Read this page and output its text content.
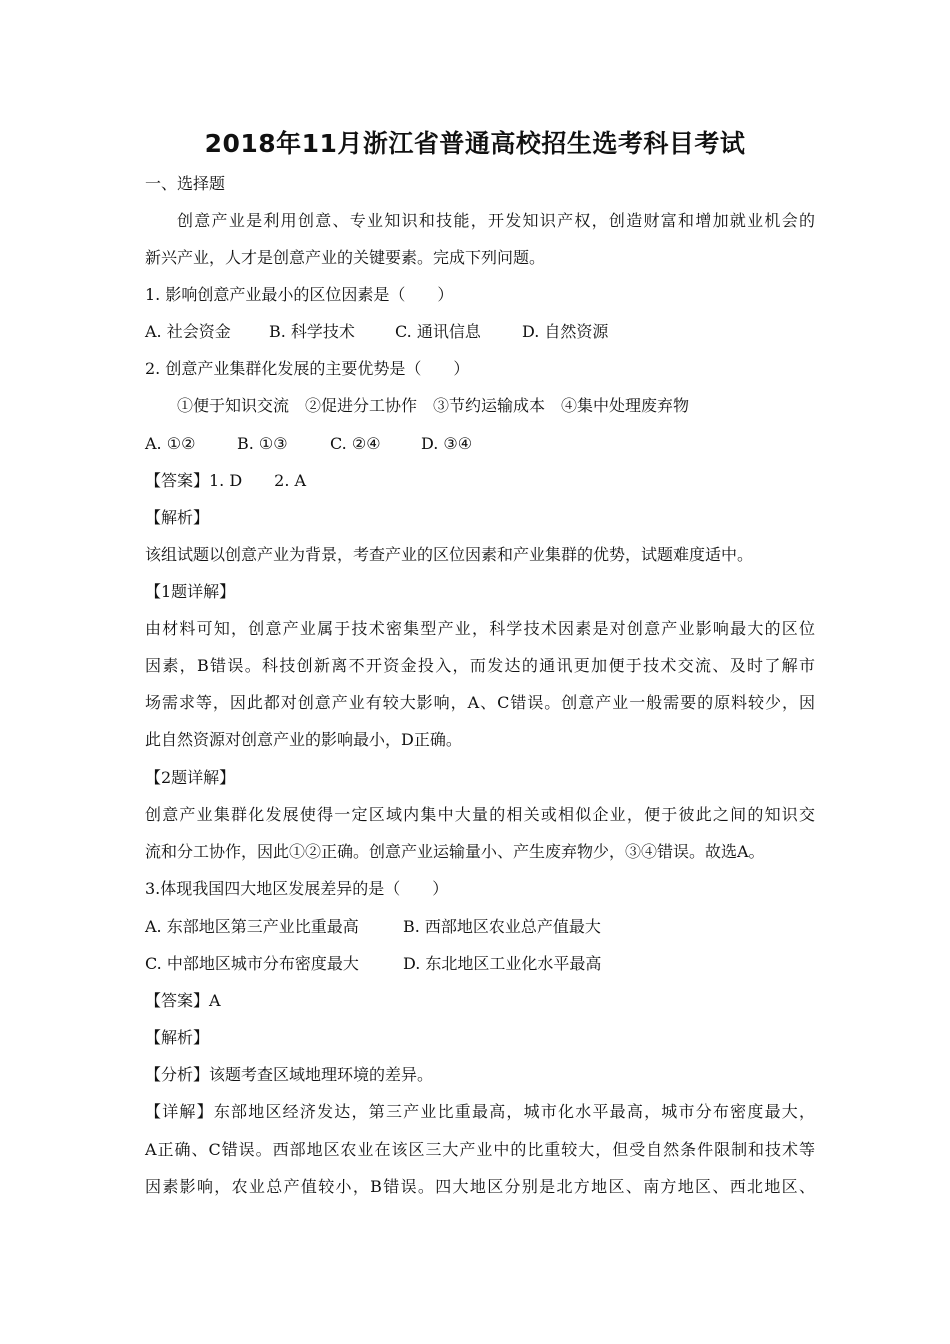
2018年11月浙江省普通高校招生选考科目考试
一、选择题
创意产业是利用创意、专业知识和技能，开发知识产权，创造财富和增加就业机会的
新兴产业，人才是创意产业的关键要素。完成下列问题。
1. 影响创意产业最小的区位因素是（　　）
A. 社会资金 B. 科学技术	C. 通讯信息	D. 自然资源
2. 创意产业集群化发展的主要优势是（　　）
①便于知识交流　②促进分工协作　③节约运输成本　④集中处理废弃物
A. ①②	B. ①③	C. ②④	D. ③④
【答案】1. D　　2. A
【解析】
该组试题以创意产业为背景，考查产业的区位因素和产业集群的优势，试题难度适中。
【1题详解】
由材料可知，创意产业属于技术密集型产业，科学技术因素是对创意产业影响最大的区位
因素，B错误。科技创新离不开资金投入，而发达的通讯更加便于技术交流、及时了解市
场需求等，因此都对创意产业有较大影响，A、C错误。创意产业一般需要的原料较少，因
此自然资源对创意产业的影响最小，D正确。
【2题详解】
创意产业集群化发展使得一定区域内集中大量的相关或相似企业，便于彼此之间的知识交
流和分工协作，因此①②正确。创意产业运输量小、产生废弃物少，③④错误。故选A。
3.体现我国四大地区发展差异的是（　　）
A. 东部地区第三产业比重最高	B. 西部地区农业总产值最大
C. 中部地区城市分布密度最大	D. 东北地区工业化水平最高
【答案】A
【解析】
【分析】该题考查区域地理环境的差异。
【详解】东部地区经济发达，第三产业比重最高，城市化水平最高，城市分布密度最大，
A正确、C错误。西部地区农业在该区三大产业中的比重较大，但受自然条件限制和技术等
因素影响，农业总产值较小，B错误。四大地区分别是北方地区、南方地区、西北地区、
